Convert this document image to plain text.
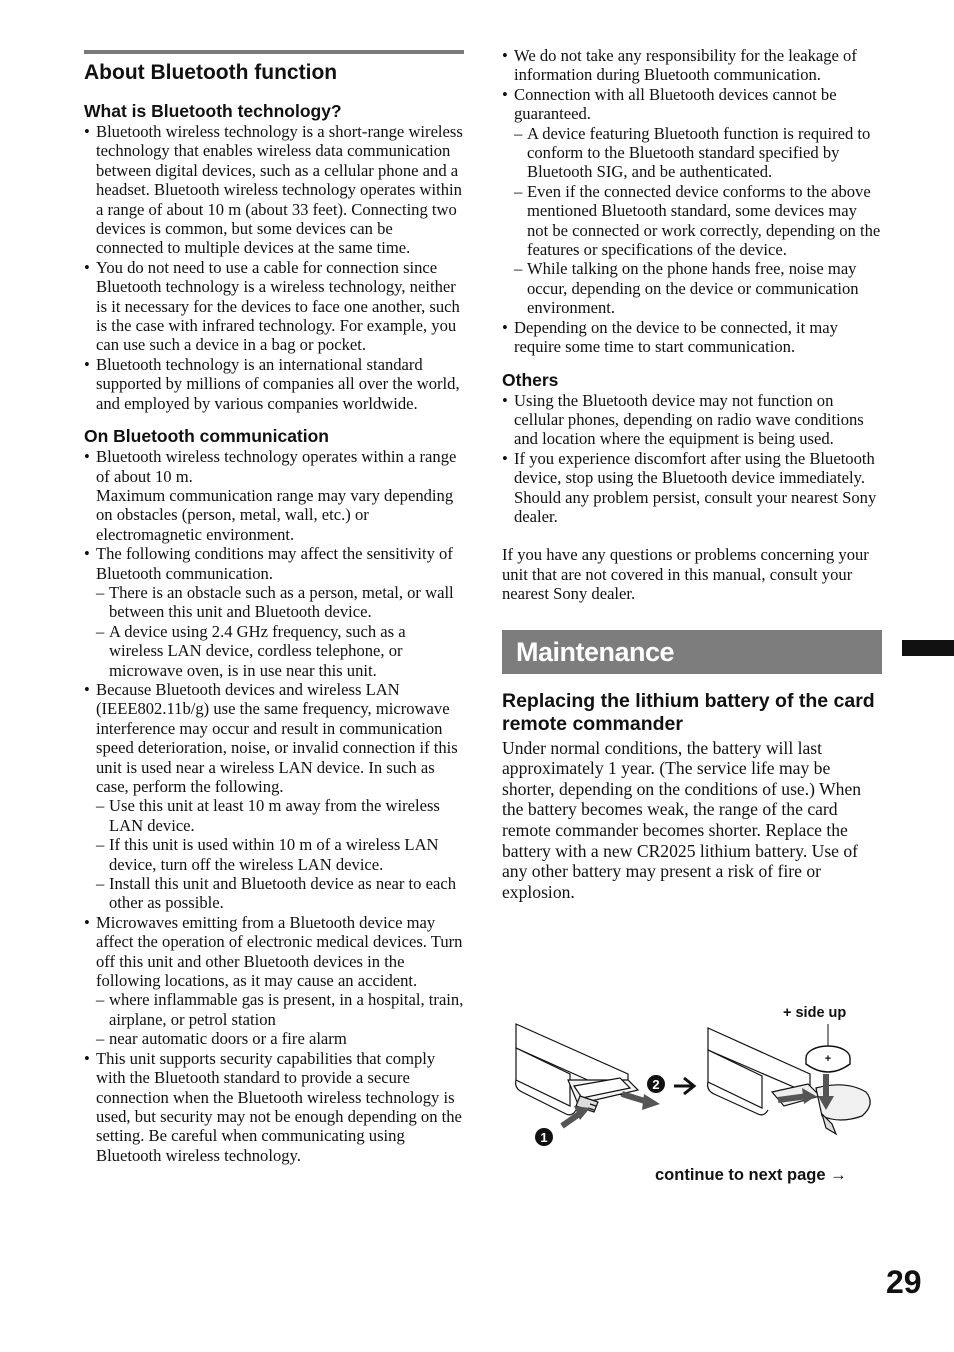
About Bluetooth function
What is Bluetooth technology?
• Bluetooth wireless technology is a short-range wireless technology that enables wireless data communication between digital devices, such as a cellular phone and a headset. Bluetooth wireless technology operates within a range of about 10 m (about 33 feet). Connecting two devices is common, but some devices can be connected to multiple devices at the same time.
• You do not need to use a cable for connection since Bluetooth technology is a wireless technology, neither is it necessary for the devices to face one another, such is the case with infrared technology. For example, you can use such a device in a bag or pocket.
• Bluetooth technology is an international standard supported by millions of companies all over the world, and employed by various companies worldwide.
On Bluetooth communication
• Bluetooth wireless technology operates within a range of about 10 m.
Maximum communication range may vary depending on obstacles (person, metal, wall, etc.) or electromagnetic environment.
• The following conditions may affect the sensitivity of Bluetooth communication.
– There is an obstacle such as a person, metal, or wall between this unit and Bluetooth device.
– A device using 2.4 GHz frequency, such as a wireless LAN device, cordless telephone, or microwave oven, is in use near this unit.
• Because Bluetooth devices and wireless LAN (IEEE802.11b/g) use the same frequency, microwave interference may occur and result in communication speed deterioration, noise, or invalid connection if this unit is used near a wireless LAN device. In such as case, perform the following.
– Use this unit at least 10 m away from the wireless LAN device.
– If this unit is used within 10 m of a wireless LAN device, turn off the wireless LAN device.
– Install this unit and Bluetooth device as near to each other as possible.
• Microwaves emitting from a Bluetooth device may affect the operation of electronic medical devices. Turn off this unit and other Bluetooth devices in the following locations, as it may cause an accident.
– where inflammable gas is present, in a hospital, train, airplane, or petrol station
– near automatic doors or a fire alarm
• This unit supports security capabilities that comply with the Bluetooth standard to provide a secure connection when the Bluetooth wireless technology is used, but security may not be enough depending on the setting. Be careful when communicating using Bluetooth wireless technology.
• We do not take any responsibility for the leakage of information during Bluetooth communication.
• Connection with all Bluetooth devices cannot be guaranteed.
– A device featuring Bluetooth function is required to conform to the Bluetooth standard specified by Bluetooth SIG, and be authenticated.
– Even if the connected device conforms to the above mentioned Bluetooth standard, some devices may not be connected or work correctly, depending on the features or specifications of the device.
– While talking on the phone hands free, noise may occur, depending on the device or communication environment.
• Depending on the device to be connected, it may require some time to start communication.
Others
• Using the Bluetooth device may not function on cellular phones, depending on radio wave conditions and location where the equipment is being used.
• If you experience discomfort after using the Bluetooth device, stop using the Bluetooth device immediately. Should any problem persist, consult your nearest Sony dealer.

If you have any questions or problems concerning your unit that are not covered in this manual, consult your nearest Sony dealer.

Maintenance
Replacing the lithium battery of the card remote commander

Under normal conditions, the battery will last approximately 1 year. (The service life may be shorter, depending on the conditions of use.) When the battery becomes weak, the range of the card remote commander becomes shorter. Replace the battery with a new CR2025 lithium battery. Use of any other battery may present a risk of fire or explosion.

1
2
+
+ side up
continue to next page →
29
